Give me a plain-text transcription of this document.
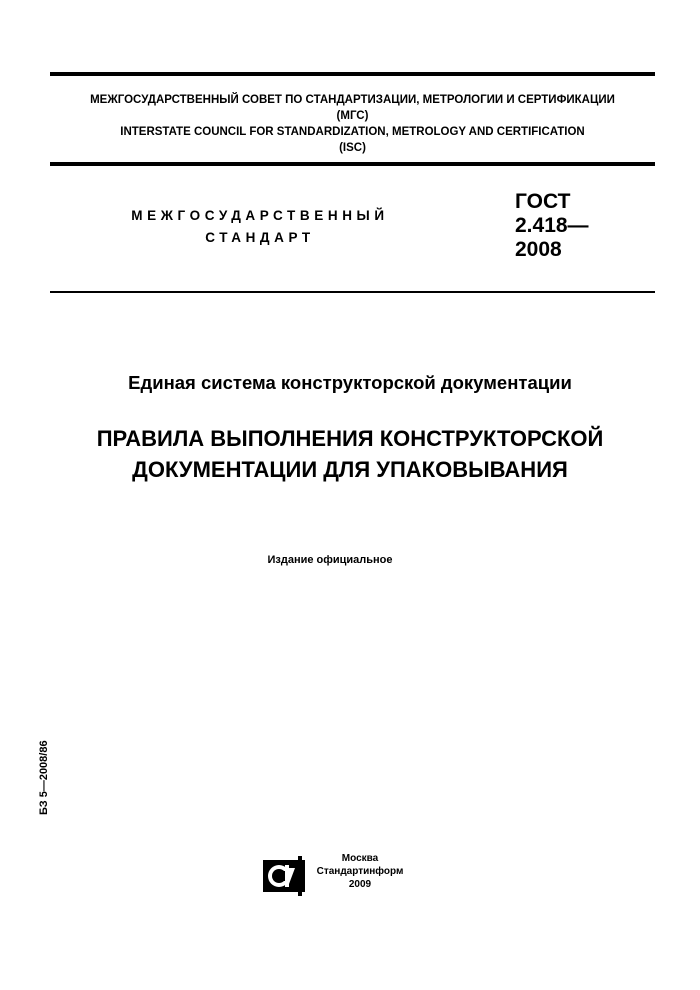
МЕЖГОСУДАРСТВЕННЫЙ СОВЕТ ПО СТАНДАРТИЗАЦИИ, МЕТРОЛОГИИ И СЕРТИФИКАЦИИ
(МГС)
INTERSTATE COUNCIL FOR STANDARDIZATION, METROLOGY AND CERTIFICATION
(ISC)
МЕЖГОСУДАРСТВЕННЫЙ
СТАНДАРТ
ГОСТ
2.418—
2008
Единая система конструкторской документации
ПРАВИЛА ВЫПОЛНЕНИЯ КОНСТРУКТОРСКОЙ
ДОКУМЕНТАЦИИ ДЛЯ УПАКОВЫВАНИЯ
Издание официальное
БЗ 5—2008/86
Москва
Стандартинформ
2009
